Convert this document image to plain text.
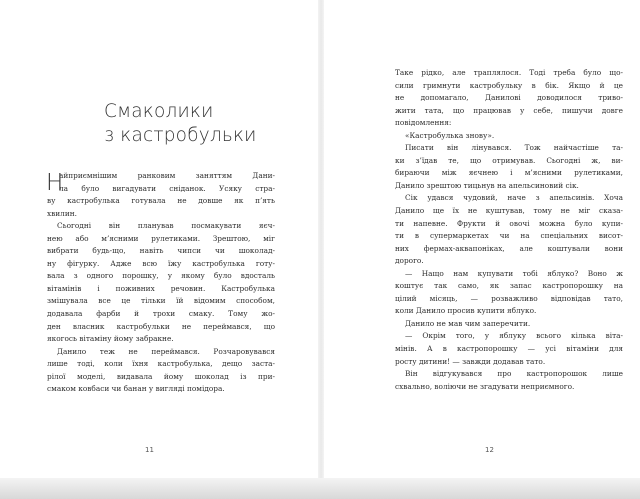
Смаколики
з кастробульки
Н
айприємнішим ранковим заняттям Дани-
ла було вигадувати сніданок. Усяку стра-
ву кастробулька готувала не довше як п’ять
хвилин.
Сьогодні він планував посмакувати яєч-
нею або м’ясними рулетиками. Зрештою, міг
вибрати будь-що, навіть чипси чи шоколад-
ну фігурку. Адже всю їжу кастробулька готу-
вала з одного порошку, у якому було вдосталь
вітамінів і поживних речовин. Кастробулька
змішувала все це тільки їй відомим способом,
додавала фарби й трохи смаку. Тому жо-
ден власник кастробульки не переймався, що
якогось вітаміну йому забракне.
Данило теж не переймався. Розчаровувався
лише тоді, коли їхня кастробулька, дещо заста-
рілої моделі, видавала йому шоколад із при-
смаком ковбаси чи банан у вигляді помідора.
11
Таке рідко, але траплялося. Тоді треба було щo-
сили гримнути кастробулькy в бік. Якщо й це
не допомагало, Данилові доводилося триво-
жити тата, що працював у себе, пишучи довге
повідомлення:
«Кастробулька знову».
Писати він лінувався. Тож найчастіше та-
ки з’їдав те, що отримував. Сьогодні ж, ви-
бираючи між яєчнею і м’ясними рулетиками,
Данило зрештою тицьнув на апельсиновий сік.
Сік удався чудовий, наче з апельсинів. Хоча
Данило ще їх не куштував, тому не міг сказа-
ти напевне. Фрукти й овочі можна було купи-
ти в супермаркетах чи на спеціальних висот-
них фермах-аквапоніках, але коштували вони
дорого.
— Нащо нам купувати тобі яблуко? Воно ж
коштує так само, як запас кастропорошку на
цілий місяць, — розважливо відповідав тато,
коли Данило просив купити яблуко.
Данило не мав чим заперечити.
— Окрім того, у яблуку всього кілька віта-
мінів. А в кастропорошку — усі вітаміни для
росту дитини! — завжди додавав тато.
Він відгукувався про кастропорошок лише
схвально, воліючи не згадувати неприємного.
12
